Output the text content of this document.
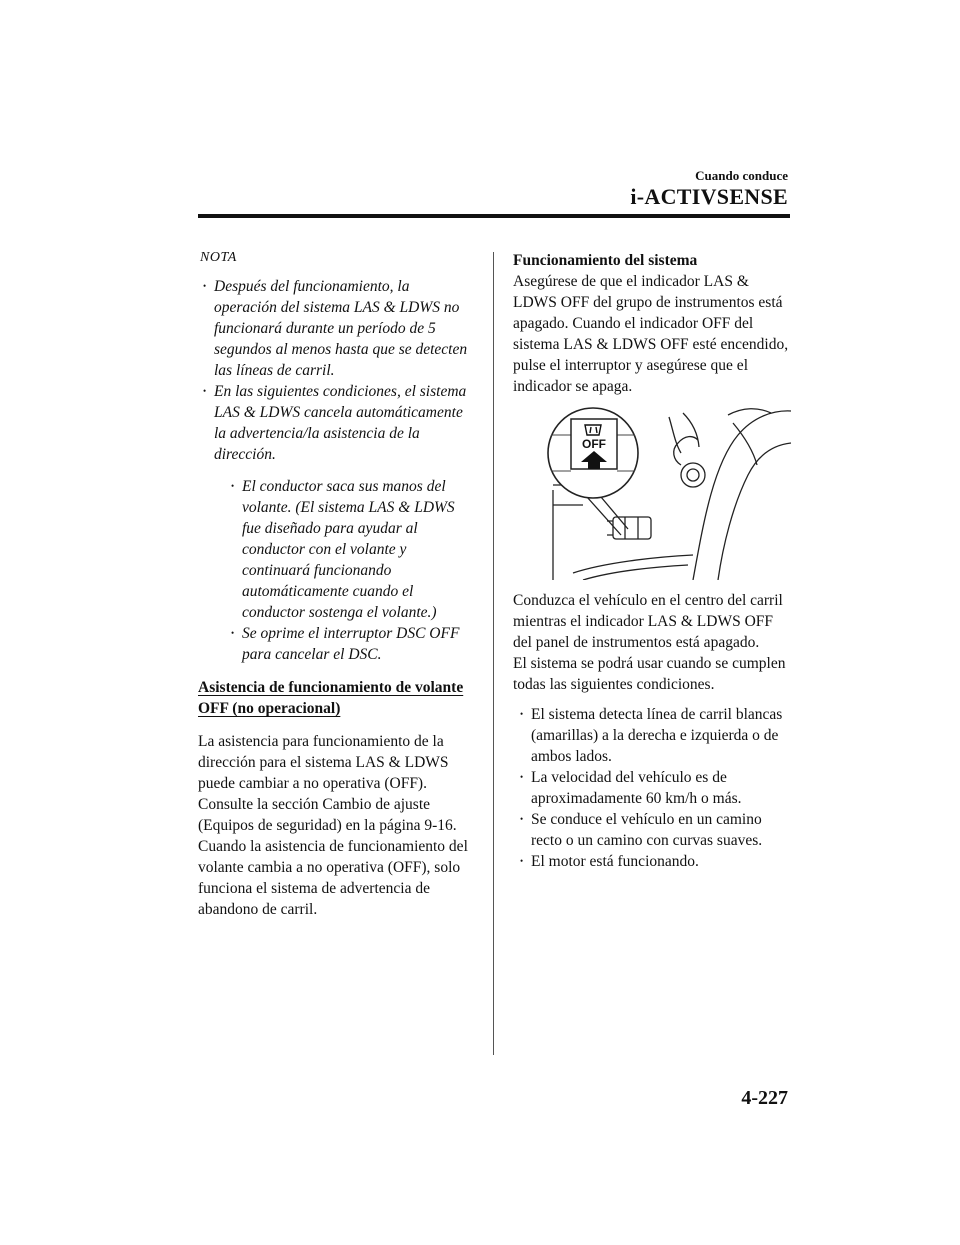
Cuando conduce
i-ACTIVSENSE

NOTA

• Después del funcionamiento, la operación del sistema LAS & LDWS no funcionará durante un período de 5 segundos al menos hasta que se detecten las líneas de carril.
• En las siguientes condiciones, el sistema LAS & LDWS cancela automáticamente la advertencia/la asistencia de la dirección.
• El conductor saca sus manos del volante. (El sistema LAS & LDWS fue diseñado para ayudar al conductor con el volante y continuará funcionando automáticamente cuando el conductor sostenga el volante.)
• Se oprime el interruptor DSC OFF para cancelar el DSC.

Asistencia de funcionamiento de volante
OFF (no operacional)

La asistencia para funcionamiento de la dirección para el sistema LAS & LDWS puede cambiar a no operativa (OFF). Consulte la sección Cambio de ajuste (Equipos de seguridad) en la página 9-16. Cuando la asistencia de funcionamiento del volante cambia a no operativa (OFF), solo funciona el sistema de advertencia de abandono de carril.

Funcionamiento del sistema

Asegúrese de que el indicador LAS & LDWS OFF del grupo de instrumentos está apagado. Cuando el indicador OFF del sistema LAS & LDWS OFF esté encendido, pulse el interruptor y asegúrese que el indicador se apaga.

OFF

Conduzca el vehículo en el centro del carril mientras el indicador LAS & LDWS OFF del panel de instrumentos está apagado.

El sistema se podrá usar cuando se cumplen todas las siguientes condiciones.

• El sistema detecta línea de carril blancas (amarillas) a la derecha e izquierda o de ambos lados.
• La velocidad del vehículo es de aproximadamente 60 km/h o más.
• Se conduce el vehículo en un camino recto o un camino con curvas suaves.
• El motor está funcionando.
4-227
